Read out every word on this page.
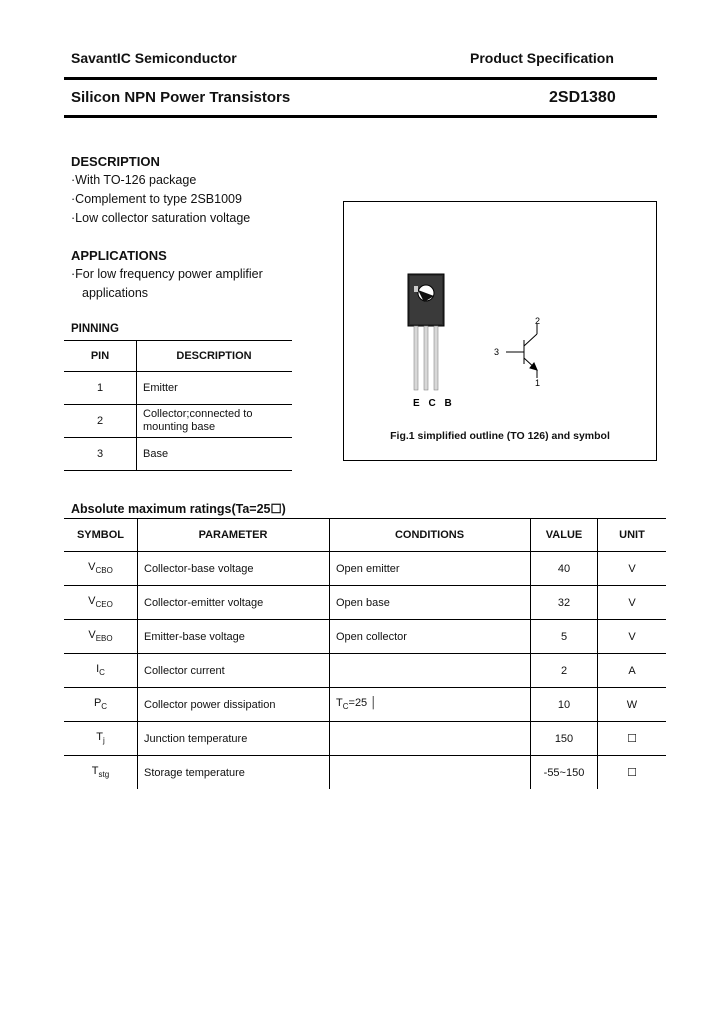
SavantIC Semiconductor	Product Specification
Silicon NPN Power Transistors	2SD1380
DESCRIPTION
·With TO-126 package
·Complement to type 2SB1009
·Low collector saturation voltage
APPLICATIONS
·For low frequency power amplifier
applications
PINNING
PIN	DESCRIPTION
1	Emitter
2	Collector;connected to mounting base
3	Base
E C B
2
3
1
Fig.1 simplified outline (TO 126) and symbol
Absolute maximum ratings(Ta=25☐)
SYMBOL	PARAMETER	CONDITIONS	VALUE	UNIT
$V_{CBO}$	Collector-base voltage	Open emitter	40	V
$V_{CEO}$	Collector-emitter voltage	Open base	32	V
$V_{EBO}$	Emitter-base voltage	Open collector	5	V
$I_C$	Collector current		2	A
$P_C$	Collector power dissipation	$T_C=25$ │	10	W
$T_j$	Junction temperature		150	☐
$T_{stg}$	Storage temperature		-55~150	☐
